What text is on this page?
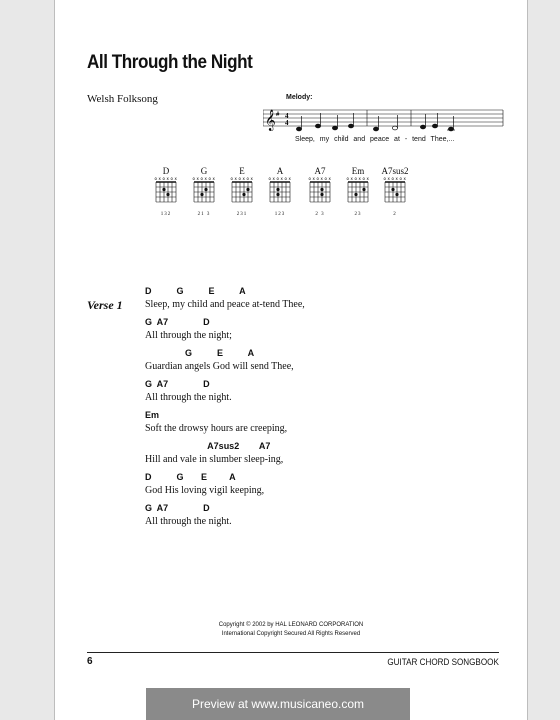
All Through the Night
Welsh Folksong	Melody:
𝄞 # 4
4
Sleep, my child and peace at - tend Thee,...
D
o x o x o x
132
G
o x o x o x
21 3
E
o x o x o x
231
A
o x o x o x
123
A7
o x o x o x
2 3
Em
o x o x o x
23
A7sus2
o x o x o x
2
Verse 1
D          G          E          A
Sleep, my child and peace at-tend Thee,
G  A7              D
All through the night;
G          E          A
Guardian angels God will send Thee,
G  A7              D
All through the night.
Em
Soft the drowsy hours are creeping,
A7sus2        A7
Hill and vale in slumber sleep-ing,
D          G       E         A
God His loving vigil keeping,
G  A7              D
All through the night.
Copyright © 2002 by HAL LEONARD CORPORATION
International Copyright Secured All Rights Reserved
6	GUITAR CHORD SONGBOOK
Preview at www.musicaneo.com
